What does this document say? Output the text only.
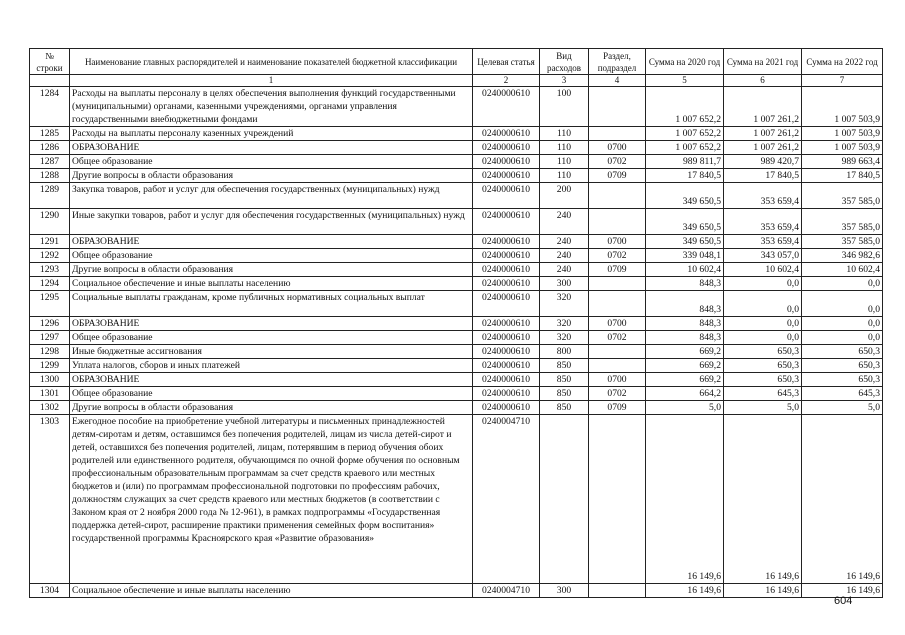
№ строки	Наименование главных распорядителей и наименование показателей бюджетной классификации	Целевая статья	Вид расходов	Раздел, подраздел	Сумма на 2020 год	Сумма на 2021 год	Сумма на 2022 год
	1	2	3	4	5	6	7
1284	Расходы на выплаты персоналу в целях обеспечения выполнения функций государственными (муниципальными) органами, казенными учреждениями, органами управления государственными внебюджетными фондами	0240000610	100		1 007 652,2	1 007 261,2	1 007 503,9
1285	Расходы на выплаты персоналу казенных учреждений	0240000610	110		1 007 652,2	1 007 261,2	1 007 503,9
1286	ОБРАЗОВАНИЕ	0240000610	110	0700	1 007 652,2	1 007 261,2	1 007 503,9
1287	Общее образование	0240000610	110	0702	989 811,7	989 420,7	989 663,4
1288	Другие вопросы в области образования	0240000610	110	0709	17 840,5	17 840,5	17 840,5
1289	Закупка товаров, работ и услуг для обеспечения государственных (муниципальных) нужд	0240000610	200		349 650,5	353 659,4	357 585,0
1290	Иные закупки товаров, работ и услуг для обеспечения государственных (муниципальных) нужд	0240000610	240		349 650,5	353 659,4	357 585,0
1291	ОБРАЗОВАНИЕ	0240000610	240	0700	349 650,5	353 659,4	357 585,0
1292	Общее образование	0240000610	240	0702	339 048,1	343 057,0	346 982,6
1293	Другие вопросы в области образования	0240000610	240	0709	10 602,4	10 602,4	10 602,4
1294	Социальное обеспечение и иные выплаты населению	0240000610	300		848,3	0,0	0,0
1295	Социальные выплаты гражданам, кроме публичных нормативных социальных выплат	0240000610	320		848,3	0,0	0,0
1296	ОБРАЗОВАНИЕ	0240000610	320	0700	848,3	0,0	0,0
1297	Общее образование	0240000610	320	0702	848,3	0,0	0,0
1298	Иные бюджетные ассигнования	0240000610	800		669,2	650,3	650,3
1299	Уплата налогов, сборов и иных платежей	0240000610	850		669,2	650,3	650,3
1300	ОБРАЗОВАНИЕ	0240000610	850	0700	669,2	650,3	650,3
1301	Общее образование	0240000610	850	0702	664,2	645,3	645,3
1302	Другие вопросы в области образования	0240000610	850	0709	5,0	5,0	5,0
1303	Ежегодное пособие на приобретение учебной литературы и письменных принадлежностей детям-сиротам и детям, оставшимся без попечения родителей, лицам из числа детей-сирот и детей, оставшихся без попечения родителей, лицам, потерявшим в период обучения обоих родителей или единственного родителя, обучающимся по очной форме обучения по основным профессиональным образовательным программам за счет средств краевого или местных бюджетов и (или) по программам профессиональной подготовки по профессиям рабочих, должностям служащих за счет средств краевого или местных бюджетов (в соответствии с Законом края от 2 ноября 2000 года № 12-961), в рамках подпрограммы «Государственная поддержка детей-сирот, расширение практики применения семейных форм воспитания» государственной программы Красноярского края «Развитие образования»	0240004710			16 149,6	16 149,6	16 149,6
1304	Социальное обеспечение и иные выплаты населению	0240004710	300		16 149,6	16 149,6	16 149,6
604
